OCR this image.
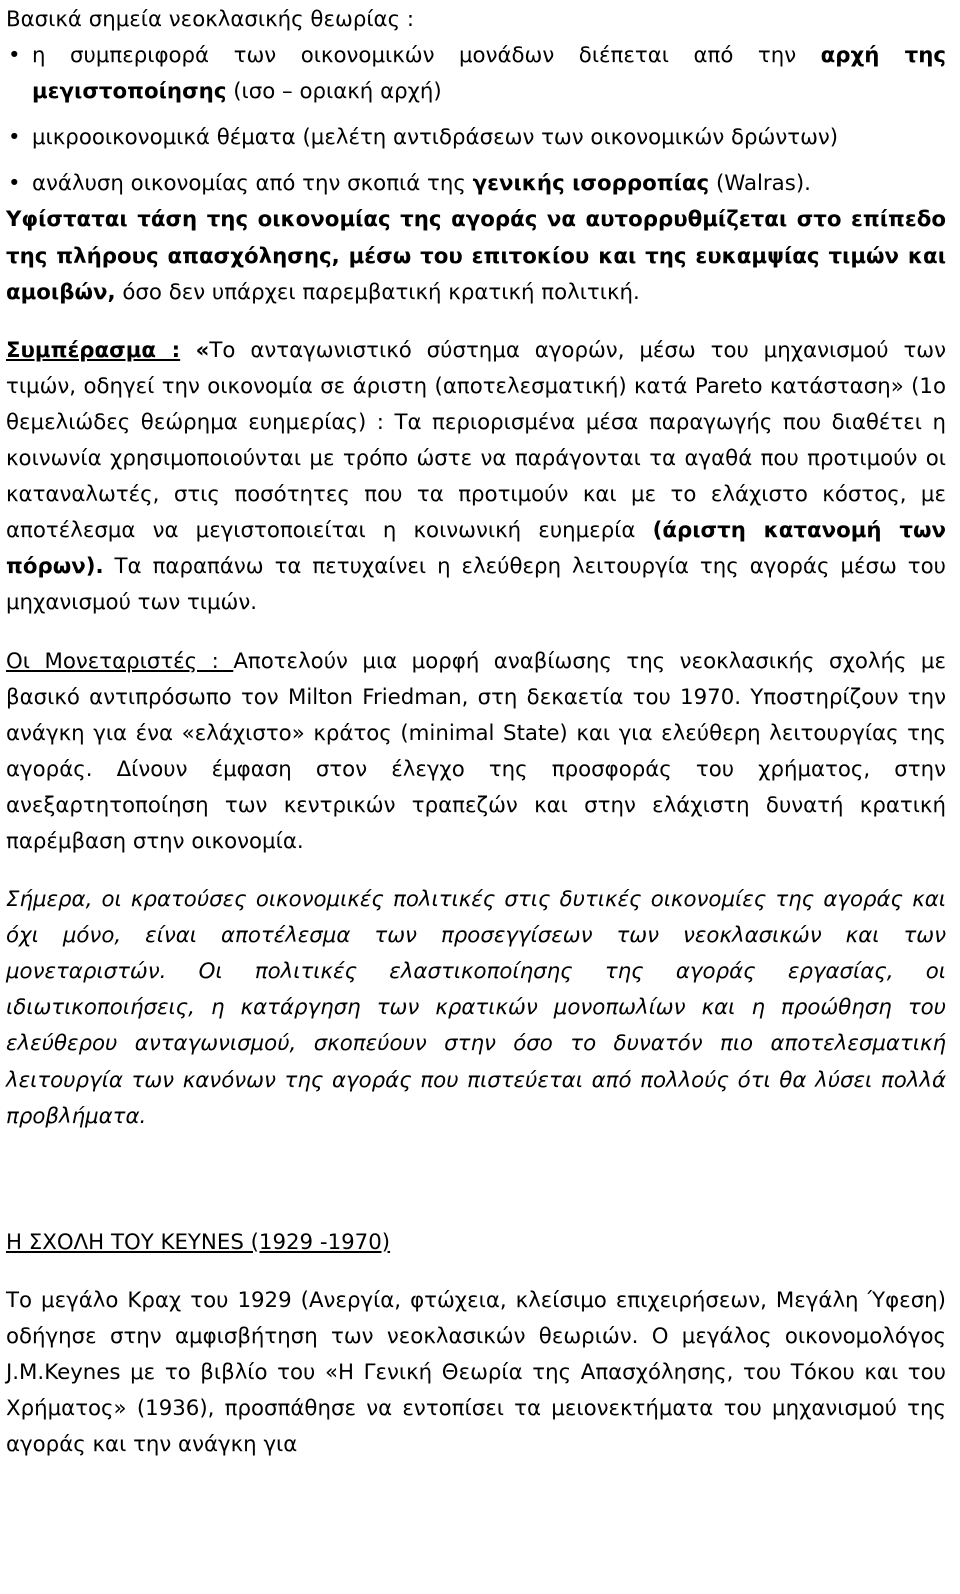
Βασικά σημεία νεοκλασικής θεωρίας :

• η συμπεριφορά των οικονομικών μονάδων διέπεται από την αρχή της μεγιστοποίησης (ισο – οριακή αρχή)
• μικροοικονομικά θέματα (μελέτη αντιδράσεων των οικονομικών δρώντων)
• ανάλυση οικονομίας από την σκοπιά της γενικής ισορροπίας (Walras).

Υφίσταται τάση της οικονομίας της αγοράς να αυτορρυθμίζεται στο επίπεδο της πλήρους απασχόλησης, μέσω του επιτοκίου και της ευκαμψίας τιμών και αμοιβών, όσο δεν υπάρχει παρεμβατική κρατική πολιτική.

Συμπέρασμα : «Το ανταγωνιστικό σύστημα αγορών, μέσω του μηχανισμού των τιμών, οδηγεί την οικονομία σε άριστη (αποτελεσματική) κατά Pareto κατάσταση» (1ο θεμελιώδες θεώρημα ευημερίας) : Τα περιορισμένα μέσα παραγωγής που διαθέτει η κοινωνία χρησιμοποιούνται με τρόπο ώστε να παράγονται τα αγαθά που προτιμούν οι καταναλωτές, στις ποσότητες που τα προτιμούν και με το ελάχιστο κόστος, με αποτέλεσμα να μεγιστοποιείται η κοινωνική ευημερία (άριστη κατανομή των πόρων). Τα παραπάνω τα πετυχαίνει η ελεύθερη λειτουργία της αγοράς μέσω του μηχανισμού των τιμών.

Οι Μονεταριστές : Αποτελούν μια μορφή αναβίωσης της νεοκλασικής σχολής με βασικό αντιπρόσωπο τον Milton Friedman, στη δεκαετία του 1970. Υποστηρίζουν την ανάγκη για ένα «ελάχιστο» κράτος (minimal State) και για ελεύθερη λειτουργίας της αγοράς. Δίνουν έμφαση στον έλεγχο της προσφοράς του χρήματος, στην ανεξαρτητοποίηση των κεντρικών τραπεζών και στην ελάχιστη δυνατή κρατική παρέμβαση στην οικονομία.

Σήμερα, οι κρατούσες οικονομικές πολιτικές στις δυτικές οικονομίες της αγοράς και όχι μόνο, είναι αποτέλεσμα των προσεγγίσεων των νεοκλασικών και των μονεταριστών. Οι πολιτικές ελαστικοποίησης της αγοράς εργασίας, οι ιδιωτικοποιήσεις, η κατάργηση των κρατικών μονοπωλίων και η προώθηση του ελεύθερου ανταγωνισμού, σκοπεύουν στην όσο το δυνατόν πιο αποτελεσματική λειτουργία των κανόνων της αγοράς που πιστεύεται από πολλούς ότι θα λύσει πολλά προβλήματα.

Η ΣΧΟΛΗ ΤΟΥ KEYNES (1929 -1970)

Το μεγάλο Κραχ του 1929 (Ανεργία, φτώχεια, κλείσιμο επιχειρήσεων, Μεγάλη Ύφεση) οδήγησε στην αμφισβήτηση των νεοκλασικών θεωριών. Ο μεγάλος οικονομολόγος J.M.Keynes με το βιβλίο του «Η Γενική Θεωρία της Απασχόλησης, του Τόκου και του Χρήματος» (1936), προσπάθησε να εντοπίσει τα μειονεκτήματα του μηχανισμού της αγοράς και την ανάγκη για
